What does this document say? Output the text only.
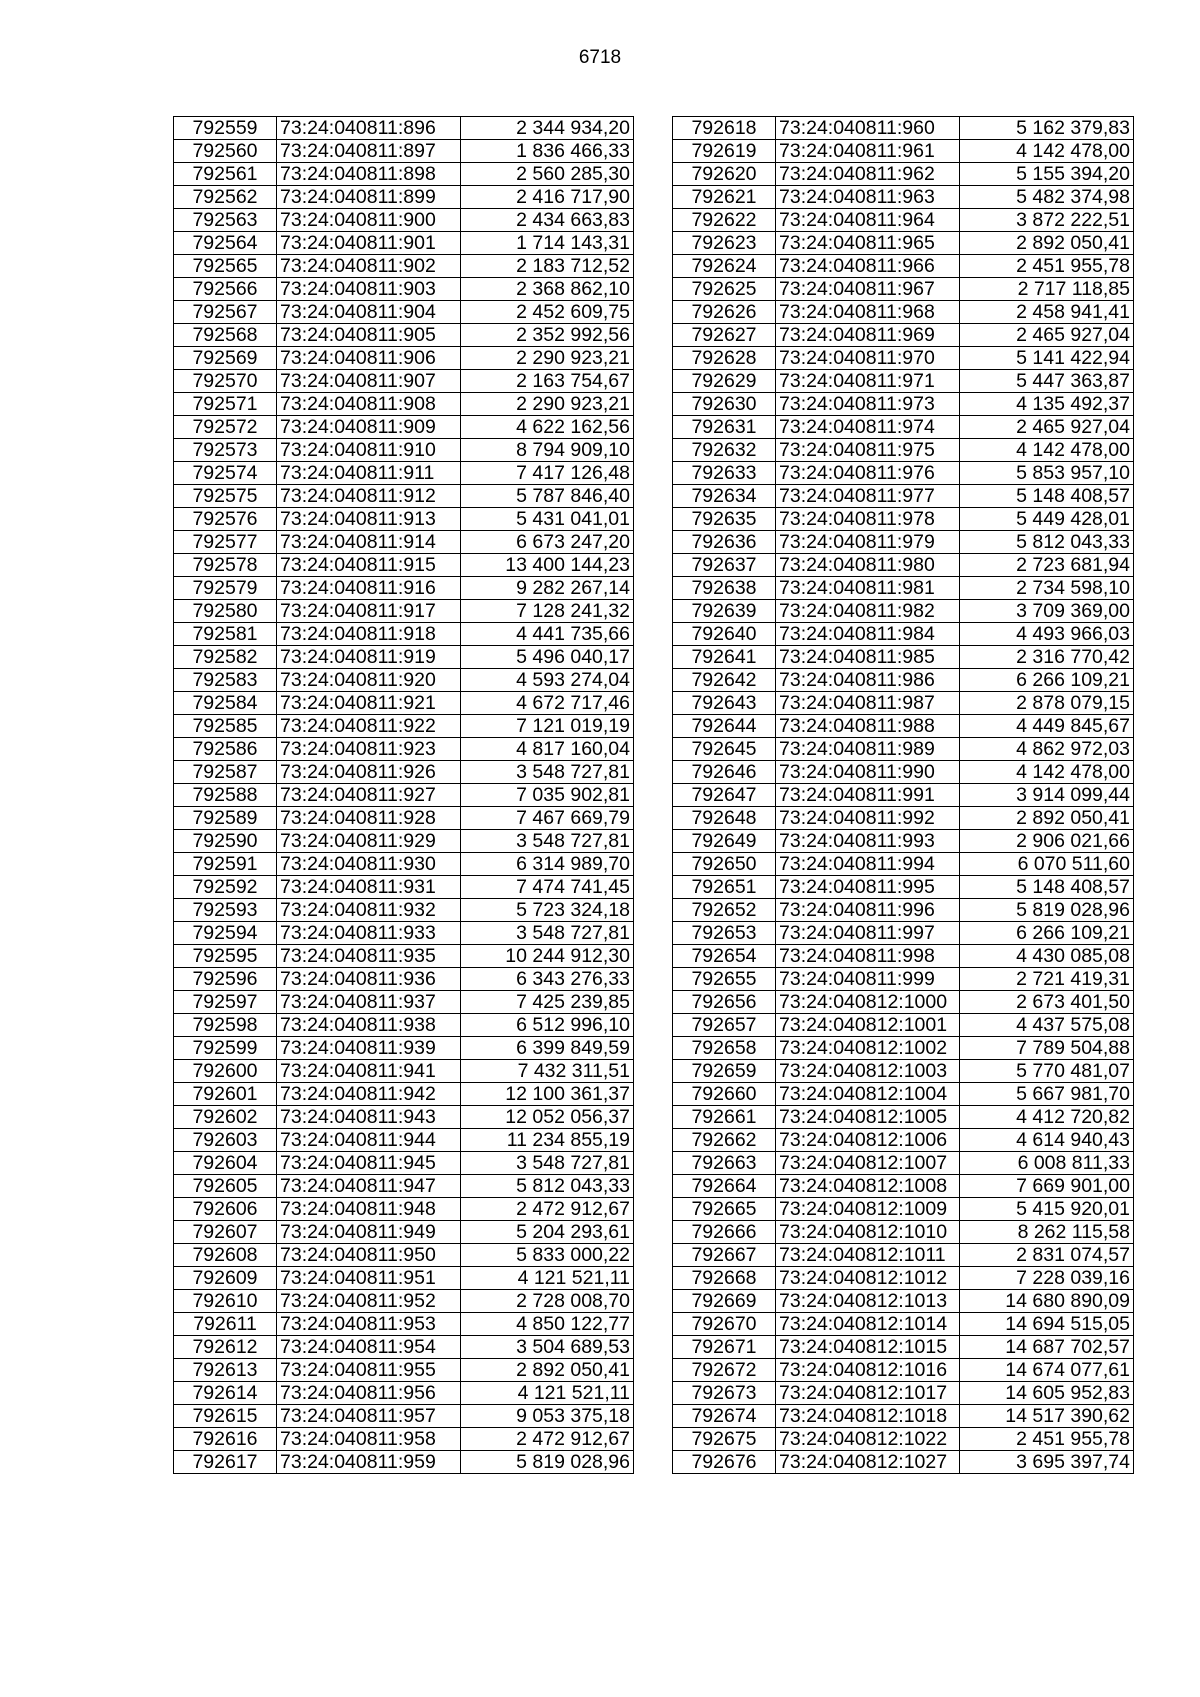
6718
792559	73:24:040811:896	2 344 934,20
792560	73:24:040811:897	1 836 466,33
792561	73:24:040811:898	2 560 285,30
792562	73:24:040811:899	2 416 717,90
792563	73:24:040811:900	2 434 663,83
792564	73:24:040811:901	1 714 143,31
792565	73:24:040811:902	2 183 712,52
792566	73:24:040811:903	2 368 862,10
792567	73:24:040811:904	2 452 609,75
792568	73:24:040811:905	2 352 992,56
792569	73:24:040811:906	2 290 923,21
792570	73:24:040811:907	2 163 754,67
792571	73:24:040811:908	2 290 923,21
792572	73:24:040811:909	4 622 162,56
792573	73:24:040811:910	8 794 909,10
792574	73:24:040811:911	7 417 126,48
792575	73:24:040811:912	5 787 846,40
792576	73:24:040811:913	5 431 041,01
792577	73:24:040811:914	6 673 247,20
792578	73:24:040811:915	13 400 144,23
792579	73:24:040811:916	9 282 267,14
792580	73:24:040811:917	7 128 241,32
792581	73:24:040811:918	4 441 735,66
792582	73:24:040811:919	5 496 040,17
792583	73:24:040811:920	4 593 274,04
792584	73:24:040811:921	4 672 717,46
792585	73:24:040811:922	7 121 019,19
792586	73:24:040811:923	4 817 160,04
792587	73:24:040811:926	3 548 727,81
792588	73:24:040811:927	7 035 902,81
792589	73:24:040811:928	7 467 669,79
792590	73:24:040811:929	3 548 727,81
792591	73:24:040811:930	6 314 989,70
792592	73:24:040811:931	7 474 741,45
792593	73:24:040811:932	5 723 324,18
792594	73:24:040811:933	3 548 727,81
792595	73:24:040811:935	10 244 912,30
792596	73:24:040811:936	6 343 276,33
792597	73:24:040811:937	7 425 239,85
792598	73:24:040811:938	6 512 996,10
792599	73:24:040811:939	6 399 849,59
792600	73:24:040811:941	7 432 311,51
792601	73:24:040811:942	12 100 361,37
792602	73:24:040811:943	12 052 056,37
792603	73:24:040811:944	11 234 855,19
792604	73:24:040811:945	3 548 727,81
792605	73:24:040811:947	5 812 043,33
792606	73:24:040811:948	2 472 912,67
792607	73:24:040811:949	5 204 293,61
792608	73:24:040811:950	5 833 000,22
792609	73:24:040811:951	4 121 521,11
792610	73:24:040811:952	2 728 008,70
792611	73:24:040811:953	4 850 122,77
792612	73:24:040811:954	3 504 689,53
792613	73:24:040811:955	2 892 050,41
792614	73:24:040811:956	4 121 521,11
792615	73:24:040811:957	9 053 375,18
792616	73:24:040811:958	2 472 912,67
792617	73:24:040811:959	5 819 028,96
792618	73:24:040811:960	5 162 379,83
792619	73:24:040811:961	4 142 478,00
792620	73:24:040811:962	5 155 394,20
792621	73:24:040811:963	5 482 374,98
792622	73:24:040811:964	3 872 222,51
792623	73:24:040811:965	2 892 050,41
792624	73:24:040811:966	2 451 955,78
792625	73:24:040811:967	2 717 118,85
792626	73:24:040811:968	2 458 941,41
792627	73:24:040811:969	2 465 927,04
792628	73:24:040811:970	5 141 422,94
792629	73:24:040811:971	5 447 363,87
792630	73:24:040811:973	4 135 492,37
792631	73:24:040811:974	2 465 927,04
792632	73:24:040811:975	4 142 478,00
792633	73:24:040811:976	5 853 957,10
792634	73:24:040811:977	5 148 408,57
792635	73:24:040811:978	5 449 428,01
792636	73:24:040811:979	5 812 043,33
792637	73:24:040811:980	2 723 681,94
792638	73:24:040811:981	2 734 598,10
792639	73:24:040811:982	3 709 369,00
792640	73:24:040811:984	4 493 966,03
792641	73:24:040811:985	2 316 770,42
792642	73:24:040811:986	6 266 109,21
792643	73:24:040811:987	2 878 079,15
792644	73:24:040811:988	4 449 845,67
792645	73:24:040811:989	4 862 972,03
792646	73:24:040811:990	4 142 478,00
792647	73:24:040811:991	3 914 099,44
792648	73:24:040811:992	2 892 050,41
792649	73:24:040811:993	2 906 021,66
792650	73:24:040811:994	6 070 511,60
792651	73:24:040811:995	5 148 408,57
792652	73:24:040811:996	5 819 028,96
792653	73:24:040811:997	6 266 109,21
792654	73:24:040811:998	4 430 085,08
792655	73:24:040811:999	2 721 419,31
792656	73:24:040812:1000	2 673 401,50
792657	73:24:040812:1001	4 437 575,08
792658	73:24:040812:1002	7 789 504,88
792659	73:24:040812:1003	5 770 481,07
792660	73:24:040812:1004	5 667 981,70
792661	73:24:040812:1005	4 412 720,82
792662	73:24:040812:1006	4 614 940,43
792663	73:24:040812:1007	6 008 811,33
792664	73:24:040812:1008	7 669 901,00
792665	73:24:040812:1009	5 415 920,01
792666	73:24:040812:1010	8 262 115,58
792667	73:24:040812:1011	2 831 074,57
792668	73:24:040812:1012	7 228 039,16
792669	73:24:040812:1013	14 680 890,09
792670	73:24:040812:1014	14 694 515,05
792671	73:24:040812:1015	14 687 702,57
792672	73:24:040812:1016	14 674 077,61
792673	73:24:040812:1017	14 605 952,83
792674	73:24:040812:1018	14 517 390,62
792675	73:24:040812:1022	2 451 955,78
792676	73:24:040812:1027	3 695 397,74
